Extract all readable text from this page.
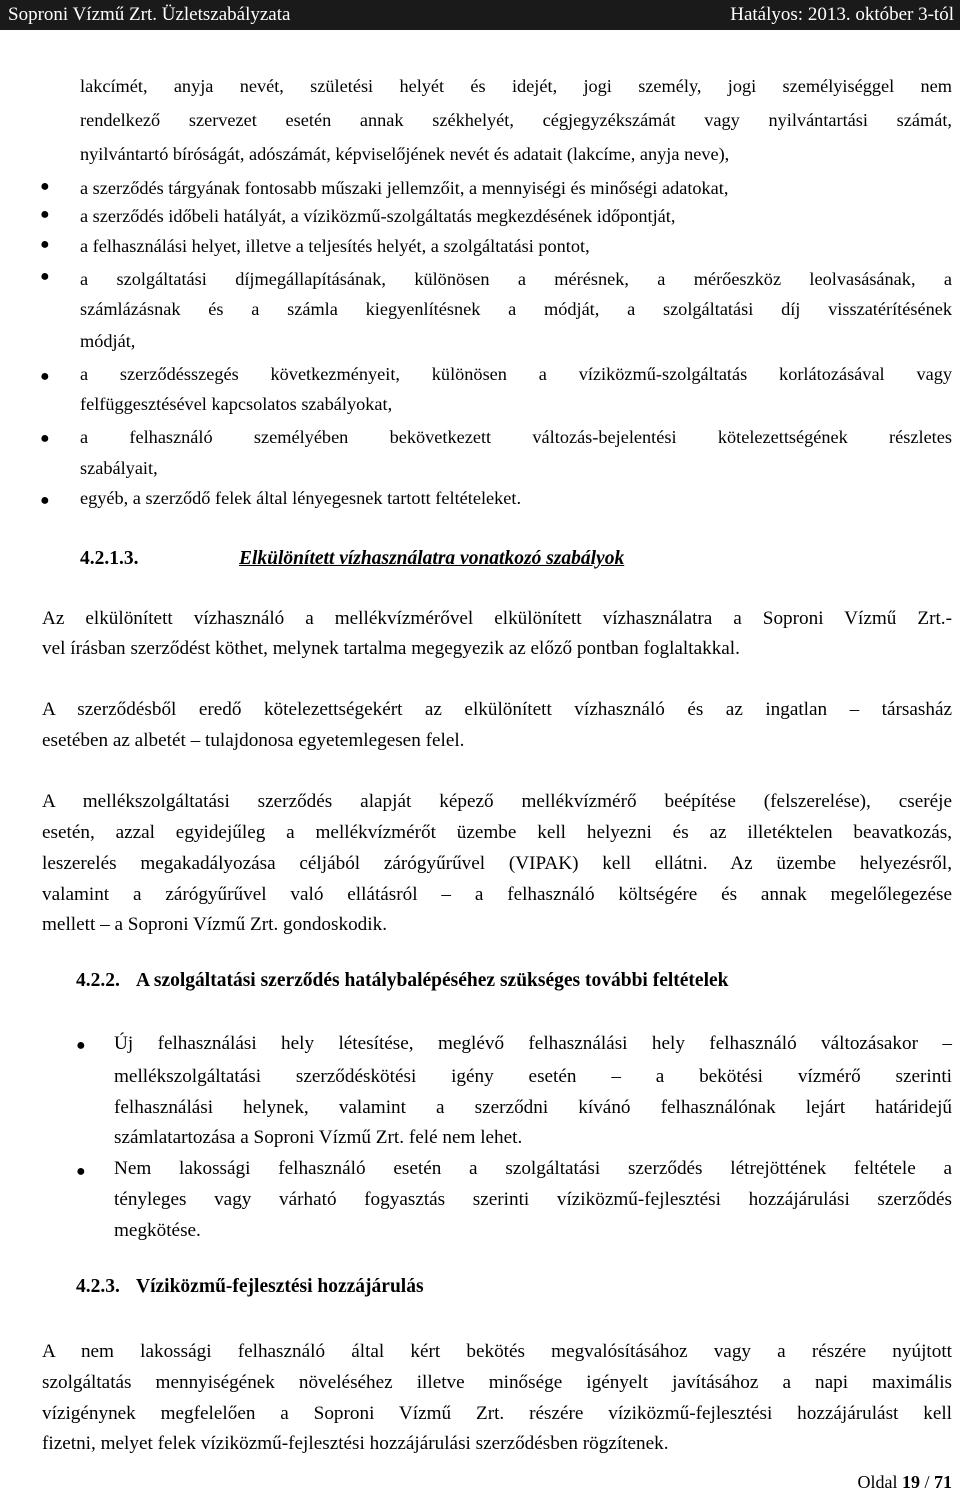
Soproni Vízmű Zrt. Üzletszabályzata	Hatályos: 2013. október 3-tól
lakcímét, anyja nevét, születési helyét és idejét, jogi személy, jogi személyiséggel nem
rendelkező szervezet esetén annak székhelyét, cégjegyzékszámát vagy nyilvántartási számát,
nyilvántartó bíróságát, adószámát, képviselőjének nevét és adatait (lakcíme, anyja neve),
● a szerződés tárgyának fontosabb műszaki jellemzőit, a mennyiségi és minőségi adatokat,
● a szerződés időbeli hatályát, a víziközmű-szolgáltatás megkezdésének időpontját,
● a felhasználási helyet, illetve a teljesítés helyét, a szolgáltatási pontot,
● a szolgáltatási díjmegállapításának, különösen a mérésnek, a mérőeszköz leolvasásának, a
számlázásnak és a számla kiegyenlítésnek a módját, a szolgáltatási díj visszatérítésének
módját,
● a szerződésszegés következményeit, különösen a víziközmű-szolgáltatás korlátozásával vagy
felfüggesztésével kapcsolatos szabályokat,
● a felhasználó személyében bekövetkezett változás-bejelentési kötelezettségének részletes
szabályait,
● egyéb, a szerződő felek által lényegesnek tartott feltételeket.
4.2.1.3.	Elkülönített vízhasználatra vonatkozó szabályok
Az elkülönített vízhasználó a mellékvízmérővel elkülönített vízhasználatra a Soproni Vízmű Zrt.-
vel írásban szerződést köthet, melynek tartalma megegyezik az előző pontban foglaltakkal.
A szerződésből eredő kötelezettségekért az elkülönített vízhasználó és az ingatlan – társasház
esetében az albetét – tulajdonosa egyetemlegesen felel.
A mellékszolgáltatási szerződés alapját képező mellékvízmérő beépítése (felszerelése), cseréje
esetén, azzal egyidejűleg a mellékvízmérőt üzembe kell helyezni és az illetéktelen beavatkozás,
leszerelés megakadályozása céljából zárógyűrűvel (VIPAK) kell ellátni. Az üzembe helyezésről,
valamint a zárógyűrűvel való ellátásról – a felhasználó költségére és annak megelőlegezése
mellett – a Soproni Vízmű Zrt. gondoskodik.
4.2.2. A szolgáltatási szerződés hatálybalépéséhez szükséges további feltételek
● Új felhasználási hely létesítése, meglévő felhasználási hely felhasználó változásakor –
mellékszolgáltatási szerződéskötési igény esetén – a bekötési vízmérő szerinti
felhasználási helynek, valamint a szerződni kívánó felhasználónak lejárt határidejű
számlatartozása a Soproni Vízmű Zrt. felé nem lehet.
● Nem lakossági felhasználó esetén a szolgáltatási szerződés létrejöttének feltétele a
tényleges vagy várható fogyasztás szerinti víziközmű-fejlesztési hozzájárulási szerződés
megkötése.
4.2.3. Víziközmű-fejlesztési hozzájárulás
A nem lakossági felhasználó által kért bekötés megvalósításához vagy a részére nyújtott
szolgáltatás mennyiségének növeléséhez illetve minősége igényelt javításához a napi maximális
vízigénynek megfelelően a Soproni Vízmű Zrt. részére víziközmű-fejlesztési hozzájárulást kell
fizetni, melyet felek víziközmű-fejlesztési hozzájárulási szerződésben rögzítenek.
Oldal 19 / 71
